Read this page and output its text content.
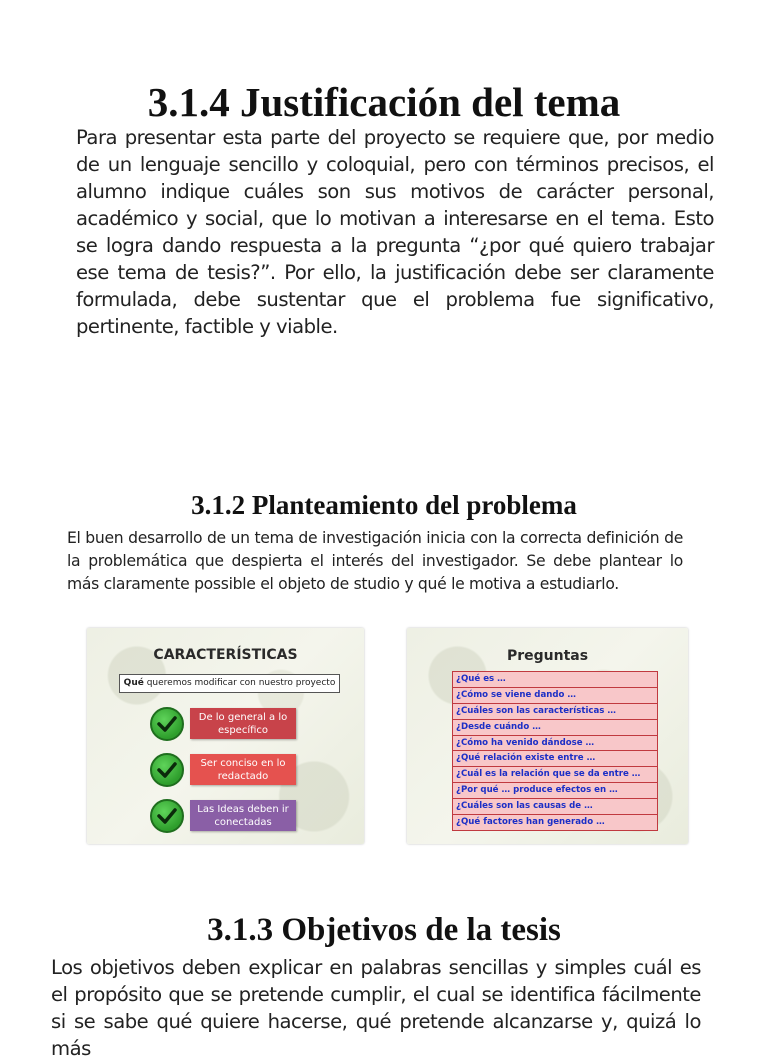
3.1.4 Justificación del tema

Para presentar esta parte del proyecto se requiere que, por medio de un lenguaje sencillo y coloquial, pero con términos precisos, el alumno indique cuáles son sus motivos de carácter personal, académico y social, que lo motivan a interesarse en el tema. Esto se logra dando respuesta a la pregunta “¿por qué quiero trabajar ese tema de tesis?”. Por ello, la justificación debe ser claramente formulada, debe sustentar que el problema fue significativo, pertinente, factible y viable.

3.1.2 Planteamiento del problema

El buen desarrollo de un tema de investigación inicia con la correcta definición de la problemática que despierta el interés del investigador. Se debe plantear lo más claramente possible el objeto de studio y qué le motiva a estudiarlo.

CARACTERÍSTICAS
Qué queremos modificar con nuestro proyecto
De lo general a lo específico
Ser conciso en lo redactado
Las Ideas deben ir conectadas
Preguntas
¿Qué es …
¿Cómo se viene dando …
¿Cuáles son las características …
¿Desde cuándo …
¿Cómo ha venido dándose …
¿Qué relación existe entre …
¿Cuál es la relación que se da entre …
¿Por qué … produce efectos en …
¿Cuáles son las causas de …
¿Qué factores han generado …
3.1.3 Objetivos de la tesis

Los objetivos deben explicar en palabras sencillas y simples cuál es el propósito que se pretende cumplir, el cual se identifica fácilmente si se sabe qué quiere hacerse, qué pretende alcanzarse y, quizá lo más
